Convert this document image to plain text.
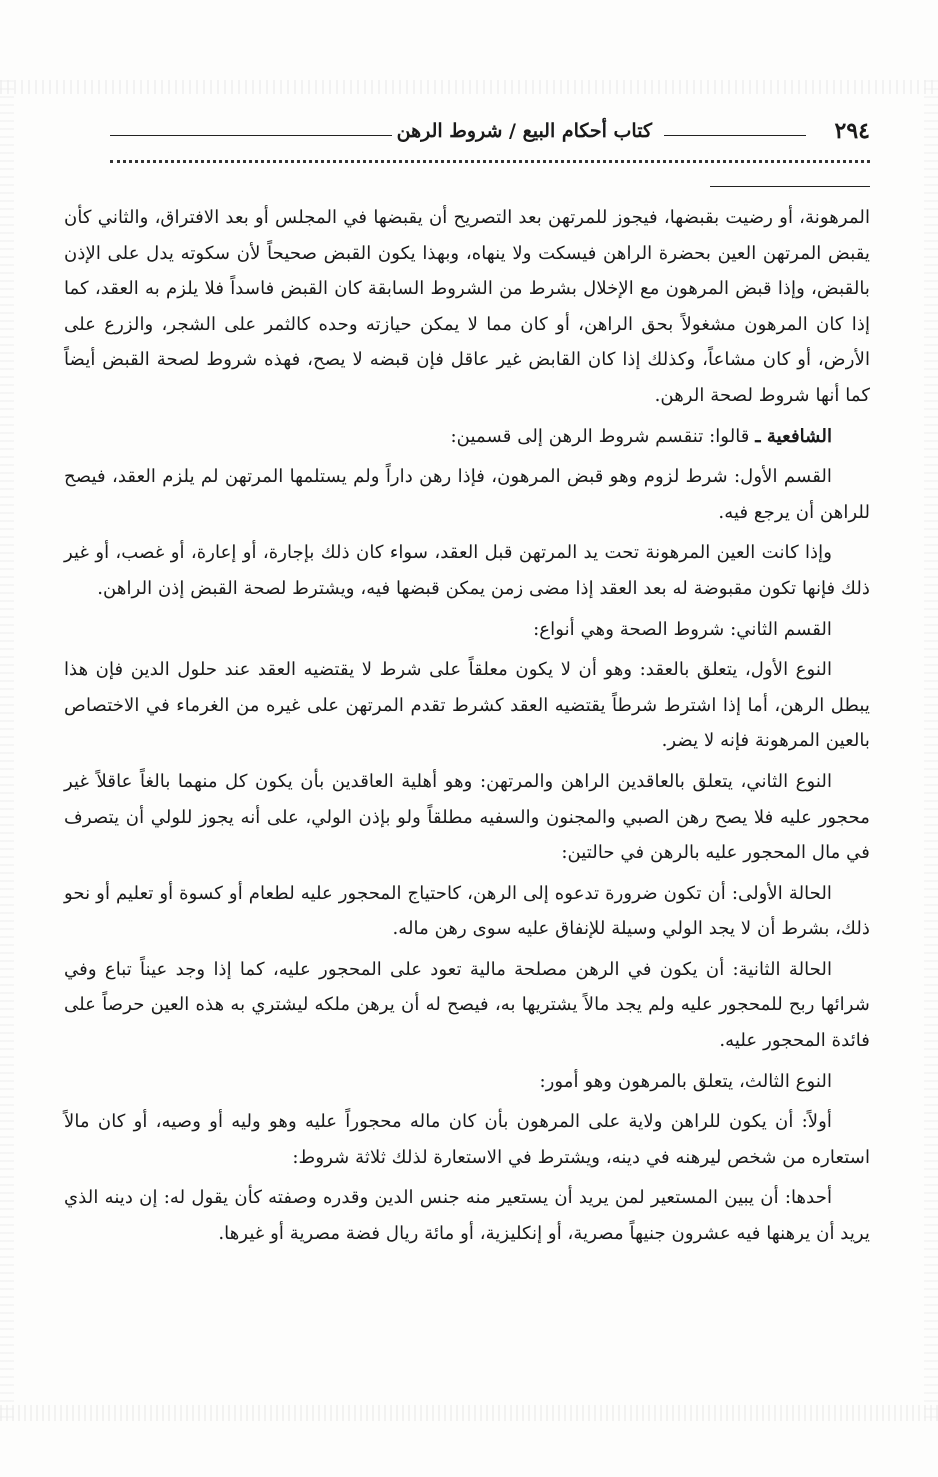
٢٩٤
كتاب أحكام البيع / شروط الرهن

المرهونة، أو رضيت بقبضها، فيجوز للمرتهن بعد التصريح أن يقبضها في المجلس أو بعد الافتراق، والثاني كأن يقبض المرتهن العين بحضرة الراهن فيسكت ولا ينهاه، وبهذا يكون القبض صحيحاً لأن سكوته يدل على الإذن بالقبض، وإذا قبض المرهون مع الإخلال بشرط من الشروط السابقة كان القبض فاسداً فلا يلزم به العقد، كما إذا كان المرهون مشغولاً بحق الراهن، أو كان مما لا يمكن حيازته وحده كالثمر على الشجر، والزرع على الأرض، أو كان مشاعاً، وكذلك إذا كان القابض غير عاقل فإن قبضه لا يصح، فهذه شروط لصحة القبض أيضاً كما أنها شروط لصحة الرهن.

الشافعية ـ قالوا: تنقسم شروط الرهن إلى قسمين:

القسم الأول: شرط لزوم وهو قبض المرهون، فإذا رهن داراً ولم يستلمها المرتهن لم يلزم العقد، فيصح للراهن أن يرجع فيه.

وإذا كانت العين المرهونة تحت يد المرتهن قبل العقد، سواء كان ذلك بإجارة، أو إعارة، أو غصب، أو غير ذلك فإنها تكون مقبوضة له بعد العقد إذا مضى زمن يمكن قبضها فيه، ويشترط لصحة القبض إذن الراهن.

القسم الثاني: شروط الصحة وهي أنواع:

النوع الأول، يتعلق بالعقد: وهو أن لا يكون معلقاً على شرط لا يقتضيه العقد عند حلول الدين فإن هذا يبطل الرهن، أما إذا اشترط شرطاً يقتضيه العقد كشرط تقدم المرتهن على غيره من الغرماء في الاختصاص بالعين المرهونة فإنه لا يضر.

النوع الثاني، يتعلق بالعاقدين الراهن والمرتهن: وهو أهلية العاقدين بأن يكون كل منهما بالغاً عاقلاً غير محجور عليه فلا يصح رهن الصبي والمجنون والسفيه مطلقاً ولو بإذن الولي، على أنه يجوز للولي أن يتصرف في مال المحجور عليه بالرهن في حالتين:

الحالة الأولى: أن تكون ضرورة تدعوه إلى الرهن، كاحتياج المحجور عليه لطعام أو كسوة أو تعليم أو نحو ذلك، بشرط أن لا يجد الولي وسيلة للإنفاق عليه سوى رهن ماله.

الحالة الثانية: أن يكون في الرهن مصلحة مالية تعود على المحجور عليه، كما إذا وجد عيناً تباع وفي شرائها ربح للمحجور عليه ولم يجد مالاً يشتريها به، فيصح له أن يرهن ملكه ليشتري به هذه العين حرصاً على فائدة المحجور عليه.

النوع الثالث، يتعلق بالمرهون وهو أمور:

أولاً: أن يكون للراهن ولاية على المرهون بأن كان ماله محجوراً عليه وهو وليه أو وصيه، أو كان مالاً استعاره من شخص ليرهنه في دينه، ويشترط في الاستعارة لذلك ثلاثة شروط:

أحدها: أن يبين المستعير لمن يريد أن يستعير منه جنس الدين وقدره وصفته كأن يقول له: إن دينه الذي يريد أن يرهنها فيه عشرون جنيهاً مصرية، أو إنكليزية، أو مائة ريال فضة مصرية أو غيرها.
